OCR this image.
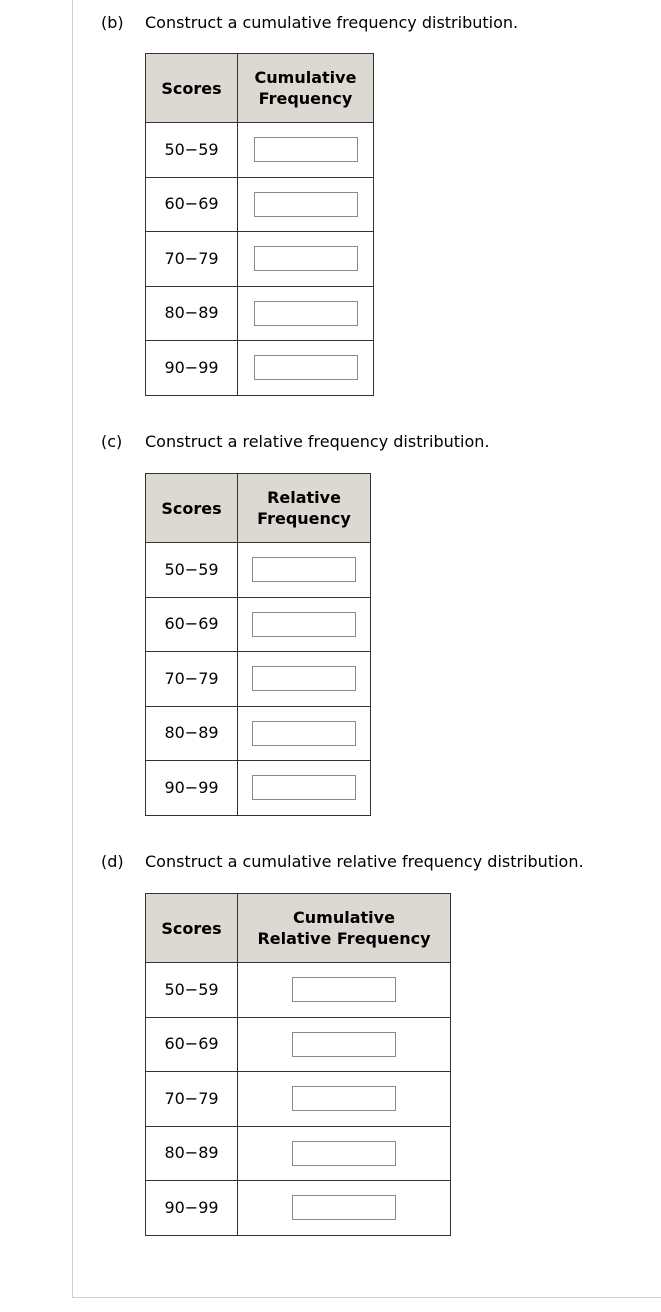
(b) Construct a cumulative frequency distribution.
Scores	Cumulative
Frequency
50−59	
60−69	
70−79	
80−89	
90−99	
(c) Construct a relative frequency distribution.
Scores	Relative
Frequency
50−59	
60−69	
70−79	
80−89	
90−99	
(d) Construct a cumulative relative frequency distribution.
Scores	Cumulative
Relative Frequency
50−59	
60−69	
70−79	
80−89	
90−99	
